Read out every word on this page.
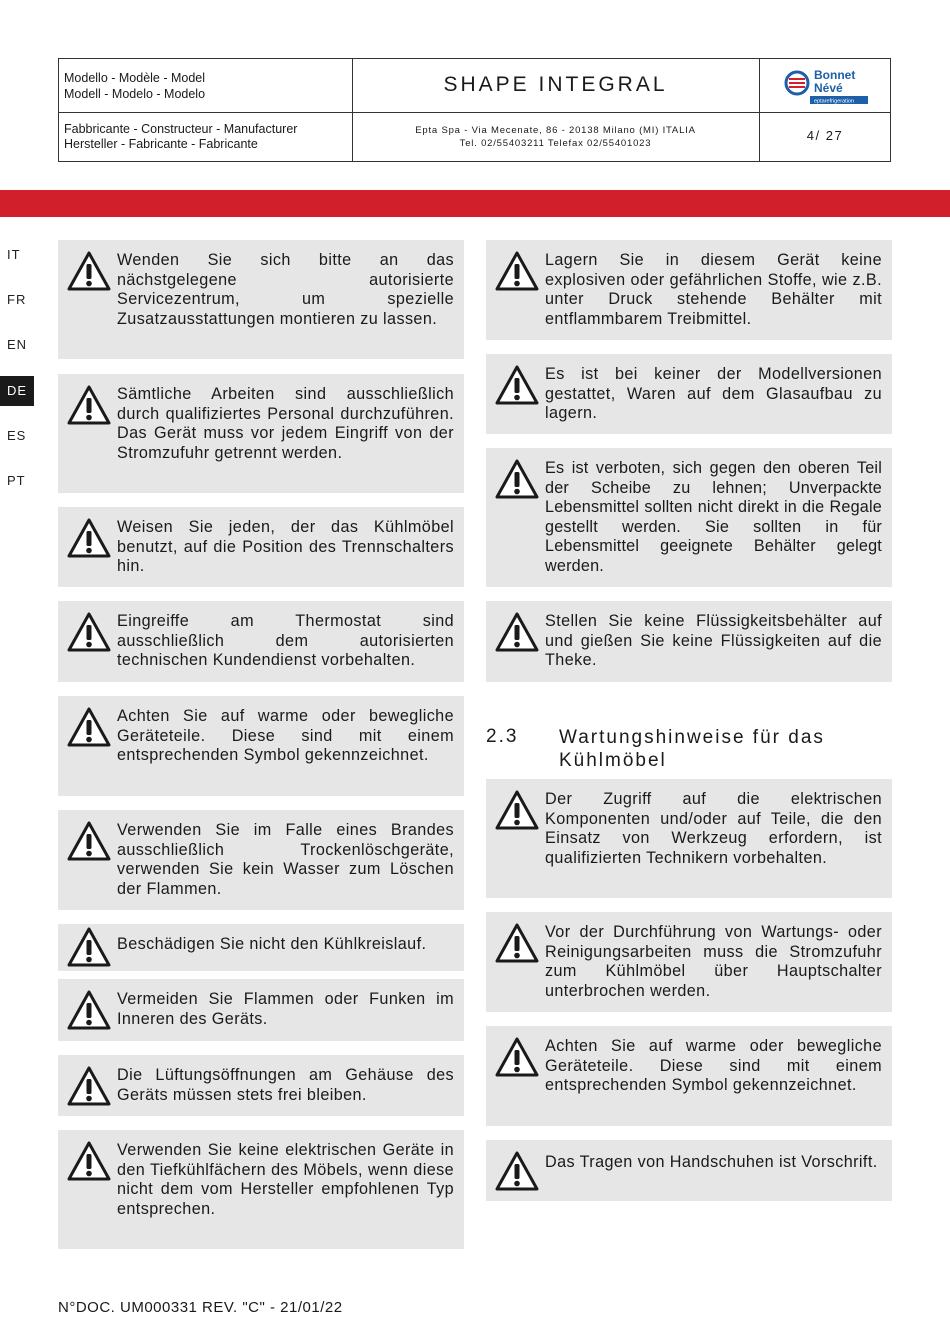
Modello - Modèle - Model
Modell - Modelo - Modelo	SHAPE INTEGRAL	Bonnet
Névé
eptarefrigeration
Fabbricante - Constructeur - Manufacturer
Hersteller - Fabricante - Fabricante
Epta Spa - Via Mecenate, 86 - 20138 Milano (MI) ITALIA
Tel. 02/55403211 Telefax 02/55401023
4/ 27
IT
FR
EN
DE
ES
PT
Wenden Sie sich bitte an das nächstgelegene autorisierte Servicezentrum, um spezielle Zusatzausstattungen montieren zu lassen.
Sämtliche Arbeiten sind ausschließlich durch qualifiziertes Personal durchzuführen. Das Gerät muss vor jedem Eingriff von der Stromzufuhr getrennt werden.
Weisen Sie jeden, der das Kühlmöbel benutzt, auf die Position des Trennschalters hin.
Eingreiffe am Thermostat sind ausschließlich dem autorisierten technischen Kundendienst vorbehalten.
Achten Sie auf warme oder bewegliche Geräteteile. Diese sind mit einem entsprechenden Symbol gekennzeichnet.
Verwenden Sie im Falle eines Brandes ausschließlich Trockenlöschgeräte, verwenden Sie kein Wasser zum Löschen der Flammen.
Beschädigen Sie nicht den Kühlkreislauf.
Vermeiden Sie Flammen oder Funken im Inneren des Geräts.
Die Lüftungsöffnungen am Gehäuse des Geräts müssen stets frei bleiben.
Verwenden Sie keine elektrischen Geräte in den Tiefkühlfächern des Möbels, wenn diese nicht dem vom Hersteller empfohlenen Typ entsprechen.
Lagern Sie in diesem Gerät keine explosiven oder gefährlichen Stoffe, wie z.B. unter Druck stehende Behälter mit entflammbarem Treibmittel.
Es ist bei keiner der Modellversionen gestattet, Waren auf dem Glasaufbau zu lagern.
Es ist verboten, sich gegen den oberen Teil der Scheibe zu lehnen; Unverpackte Lebensmittel sollten nicht direkt in die Regale gestellt werden. Sie sollten in für Lebensmittel geeignete Behälter gelegt werden.
Stellen Sie keine Flüssigkeitsbehälter auf und gießen Sie keine Flüssigkeiten auf die Theke.
2.3 Wartungshinweise für das Kühlmöbel
Der Zugriff auf die elektrischen Komponenten und/oder auf Teile, die den Einsatz von Werkzeug erfordern, ist qualifizierten Technikern vorbehalten.
Vor der Durchführung von Wartungs- oder Reinigungsarbeiten muss die Stromzufuhr zum Kühlmöbel über Hauptschalter unterbrochen werden.
Achten Sie auf warme oder bewegliche Geräteteile. Diese sind mit einem entsprechenden Symbol gekennzeichnet.
Das Tragen von Handschuhen ist Vorschrift.
N°DOC. UM000331 REV. "C" - 21/01/22
